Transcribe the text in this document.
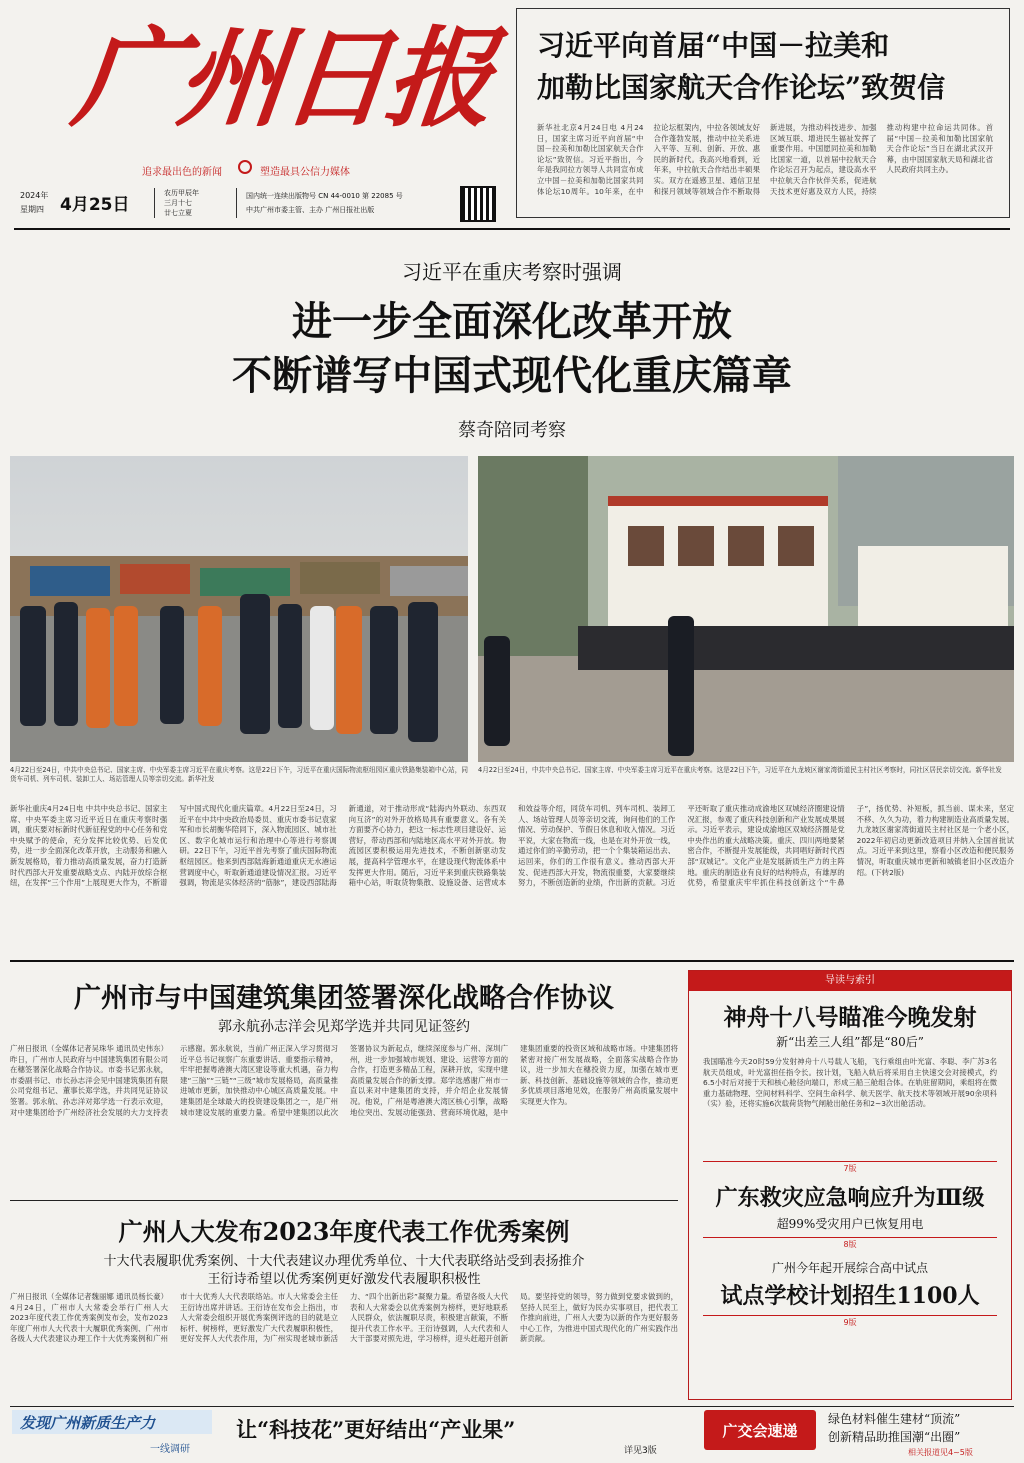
广州日报
追求最出色的新闻	塑造最具公信力媒体
2024年
星期四 4月25日
农历甲辰年
三月十七
廿七立夏
国内统一连续出版物号 CN 44-0010 第 22085 号
中共广州市委主管、主办 广州日报社出版
习近平向首届“中国－拉美和
加勒比国家航天合作论坛”致贺信
新华社北京4月24日电 4月24日，国家主席习近平向首届“中国－拉美和加勒比国家航天合作论坛”致贺信。习近平指出，今年是我同拉方领导人共同宣布成立中国－拉美和加勒比国家共同体论坛10周年。10年来，在中拉论坛框架内，中拉各领域友好合作蓬勃发展，推动中拉关系进入平等、互利、创新、开放、惠民的新时代。我高兴地看到，近年来，中拉航天合作结出丰硕果实。双方在遥感卫星、通信卫星和探月领域等领域合作不断取得新进展，为推动科技进步、加强区域互联、增进民生福祉发挥了重要作用。中国愿同拉美和加勒比国家一道，以首届中拉航天合作论坛召开为起点，建设高水平中拉航天合作伙伴关系，促进航天技术更好惠及双方人民，持续推动构建中拉命运共同体。首届“中国－拉美和加勒比国家航天合作论坛”当日在湖北武汉开幕，由中国国家航天局和湖北省人民政府共同主办。
习近平在重庆考察时强调
进一步全面深化改革开放
不断谱写中国式现代化重庆篇章
蔡奇陪同考察
4月22日至24日，中共中央总书记、国家主席、中央军委主席习近平在重庆考察。这是22日下午，习近平在重庆国际物流枢纽园区重庆铁路集装箱中心站，同货车司机、列车司机、装卸工人、场站管理人员等亲切交流。新华社发
4月22日至24日，中共中央总书记、国家主席、中央军委主席习近平在重庆考察。这是22日下午，习近平在九龙坡区谢家湾街道民主村社区考察时，同社区居民亲切交流。新华社发
新华社重庆4月24日电 中共中央总书记、国家主席、中央军委主席习近平近日在重庆考察时强调，重庆要对标新时代新征程党的中心任务和党中央赋予的使命，充分发挥比较优势、后发优势，进一步全面深化改革开放，主动服务和融入新发展格局，着力推动高质量发展，奋力打造新时代西部大开发重要战略支点、内陆开放综合枢纽，在发挥“三个作用”上展现更大作为，不断谱写中国式现代化重庆篇章。4月22日至24日，习近平在中共中央政治局委员、重庆市委书记袁家军和市长胡衡华陪同下，深入物流园区、城市社区、数字化城市运行和治理中心等进行考察调研。22日下午，习近平首先考察了重庆国际物流枢纽园区。他来到西部陆海新通道重庆无水港运营调度中心，听取新通道建设情况汇报。习近平强调，物流是实体经济的“筋脉”，建设西部陆海新通道，对于推动形成“陆海内外联动、东西双向互济”的对外开放格局具有重要意义。各有关方面要齐心协力，把这一标志性项目建设好、运营好，带动西部和内陆地区高水平对外开放。物流园区要积极运用先进技术，不断创新驱动发展，提高科学管理水平，在建设现代物流体系中发挥更大作用。随后，习近平来到重庆铁路集装箱中心站，听取货物集散、设施设备、运营成本和效益等介绍，同货车司机、列车司机、装卸工人、场站管理人员等亲切交流，询问他们的工作情况、劳动保护、节假日休息和收入情况。习近平说，大家在物流一线，也是在对外开放一线，通过你们的辛勤劳动，把一个个集装箱运出去、运回来，你们的工作很有意义。推动西部大开发、促进西部大开发，物流很重要，大家要继续努力，不断创造新的业绩，作出新的贡献。习近平还听取了重庆推动成渝地区双城经济圈建设情况汇报，参观了重庆科技创新和产业发展成果展示。习近平表示，建设成渝地区双城经济圈是党中央作出的重大战略决策。重庆、四川两地要紧密合作，不断提升发展能级，共同唱好新时代西部“双城记”。文化产业是发展新质生产力的主阵地。重庆的制造业有良好的结构特点，有雄厚的优势，希望重庆牢牢抓住科技创新这个“牛鼻子”，扬优势、补短板，抓当前、谋未来，坚定不移、久久为功，着力构建制造业高质量发展。九龙坡区谢家湾街道民主村社区是一个老小区，2022年初启动更新改造项目并纳入全国首批试点。习近平来到这里，察看小区改造和便民服务情况，听取重庆城市更新和城镇老旧小区改造介绍。(下转2版)
广州市与中国建筑集团签署深化战略合作协议
郭永航孙志洋会见郑学选并共同见证签约
广州日报讯（全媒体记者吴珠华 通讯员史伟东）昨日，广州市人民政府与中国建筑集团有限公司在穗签署深化战略合作协议。市委书记郭永航，市委副书记、市长孙志洋会见中国建筑集团有限公司党组书记、董事长郑学选，并共同见证协议签署。郭永航、孙志洋对郑学选一行表示欢迎，对中建集团给予广州经济社会发展的大力支持表示感谢。郭永航说，当前广州正深入学习贯彻习近平总书记视察广东重要讲话、重要指示精神，牢牢把握粤港澳大湾区建设等重大机遇，奋力构建“三脑”“三链”“三级”城市发展格局，高质量推进城市更新，加快推动中心城区高质量发展。中建集团是全球最大的投资建设集团之一，是广州城市建设发展的重要力量。希望中建集团以此次签署协议为新起点，继续深度参与广州、深圳广州，进一步加强城市规划、建设、运营等方面的合作，打造更多精品工程，深耕开放，实现中建高质量发展合作的新支撑。郑学选感谢广州市一直以来对中建集团的支持，并介绍企业发展情况。他说，广州是粤港澳大湾区核心引擎，战略地位突出、发展动能强劲、营商环境优越，是中建集团重要的投资区域和战略市场。中建集团将紧密对接广州发展战略，全面落实战略合作协议，进一步加大在穗投资力度，加强在城市更新、科技创新、基础设施等领域的合作，推动更多优质项目落地见效，在服务广州高质量发展中实现更大作为。
广州人大发布2023年度代表工作优秀案例
十大代表履职优秀案例、十大代表建议办理优秀单位、十大代表联络站受到表扬推介
王衍诗希望以优秀案例更好激发代表履职积极性
广州日报讯（全媒体记者魏丽娜 通讯员杨长豪）4月24日，广州市人大常委会举行广州人大2023年度代表工作优秀案例发布会，发布2023年度广州市人大代表十大履职优秀案例、广州市各级人大代表建议办理工作十大优秀案例和广州市十大优秀人大代表联络站。市人大常委会主任王衍诗出席并讲话。王衍诗在发布会上指出，市人大常委会组织开展优秀案例评选的目的就是立标杆、树榜样，更好激发广大代表履职积极性，更好发挥人大代表作用，为广州实现老城市新活力、“四个出新出彩”凝聚力量。希望各级人大代表和人大常委会以优秀案例为榜样，更好地联系人民群众，依法履职尽责，积极建言献策，不断提升代表工作水平。王衍诗强调，人大代表和人大干部要对照先进，学习榜样，迎头赶超开创新局。要坚持党的领导，努力做到党要求做到的，坚持人民至上，做好为民办实事项目，把代表工作推向前进，广州人大要为以新的作为更好服务中心工作，为推进中国式现代化的广州实践作出新贡献。
导读与索引
神舟十八号瞄准今晚发射
新“出差三人组”都是“80后”
我国瞄准今天20时59分发射神舟十八号载人飞船，飞行乘组由叶光富、李聪、李广苏3名航天员组成，叶光富担任指令长。按计划，飞船入轨后将采用自主快速交会对接模式，约6.5小时后对接于天和核心舱径向端口，形成三船三舱组合体。在轨驻留期间，乘组将在微重力基础物理、空间材料科学、空间生命科学、航天医学、航天技术等领域开展90余项科（实）验，还将实施6次载荷货物气闸舱出舱任务和2~3次出舱活动。
7版
广东救灾应急响应升为Ⅲ级
超99%受灾用户已恢复用电
8版
广州今年起开展综合高中试点
试点学校计划招生1100人
9版
发现广州新质生产力
一线调研
让“科技花”更好结出“产业果”
详见3版
广交会速递
绿色材料催生建材“顶流”
创新精品助推国潮“出圈”
相关报道见4~5版
